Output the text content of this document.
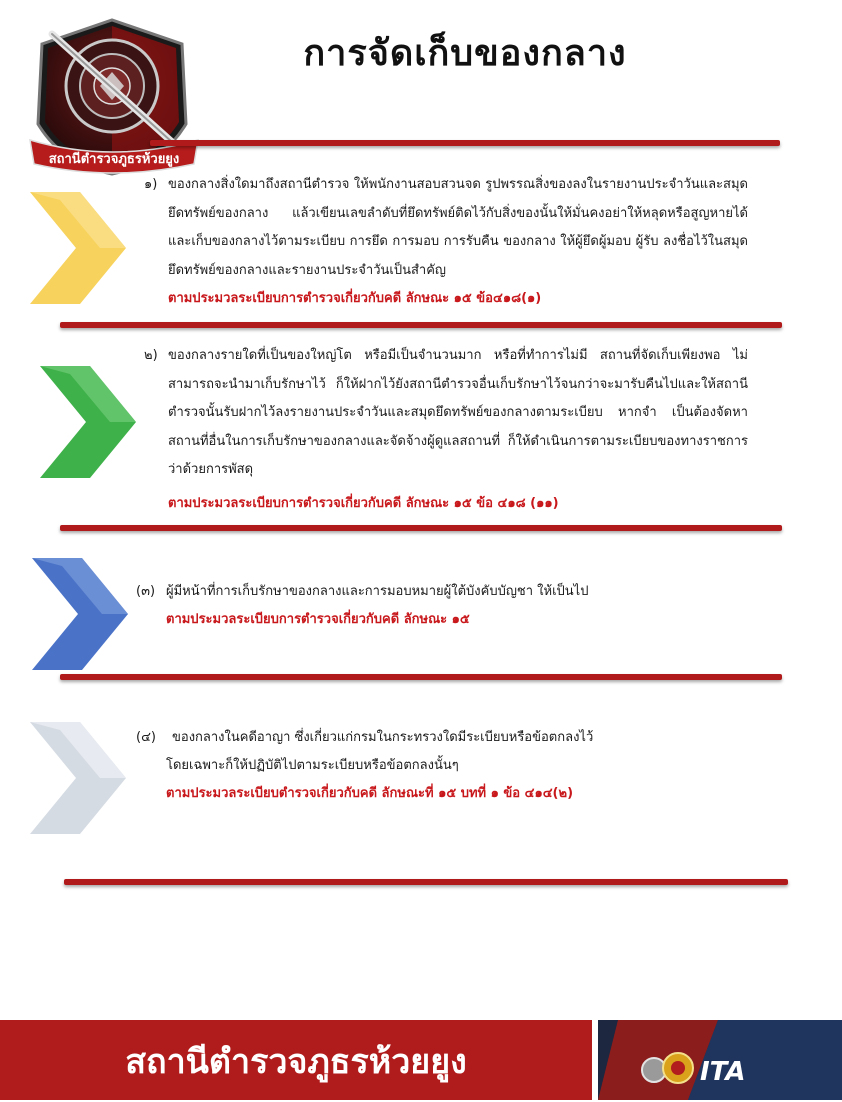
สถานีตำรวจภูธรห้วยยูง
การจัดเก็บของกลาง
๑) ของกลางสิ่งใดมาถึงสถานีตำรวจ ให้พนักงานสอบสวนจด รูปพรรณสิ่งของลงในรายงานประจำวันและสมุดยึดทรัพย์ของกลาง แล้วเขียนเลขลำดับที่ยึดทรัพย์ติดไว้กับสิ่งของนั้นให้มั่นคงอย่าให้หลุดหรือสูญหายได้และเก็บของกลางไว้ตามระเบียบ การยึด การมอบ การรับคืน ของกลาง ให้ผู้ยึดผู้มอบ ผู้รับ ลงชื่อไว้ในสมุดยึดทรัพย์ของกลางและรายงานประจำวันเป็นสำคัญ
ตามประมวลระเบียบการตำรวจเกี่ยวกับคดี ลักษณะ ๑๕ ข้อ๔๑๘(๑)
๒) ของกลางรายใดที่เป็นของใหญ่โต หรือมีเป็นจำนวนมาก หรือที่ทำการไม่มี สถานที่จัดเก็บเพียงพอ ไม่สามารถจะนำมาเก็บรักษาไว้ ก็ให้ฝากไว้ยังสถานีตำรวจอื่นเก็บรักษาไว้จนกว่าจะมารับคืนไปและให้สถานีตำรวจนั้นรับฝากไว้ลงรายงานประจำวันและสมุดยึดทรัพย์ของกลางตามระเบียบ หากจำ เป็นต้องจัดหาสถานที่อื่นในการเก็บรักษาของกลางและจัดจ้างผู้ดูแลสถานที่ ก็ให้ดำเนินการตามระเบียบของทางราชการว่าด้วยการพัสดุ
ตามประมวลระเบียบการตำรวจเกี่ยวกับคดี ลักษณะ ๑๕ ข้อ ๔๑๘ (๑๑)
(๓) ผู้มีหน้าที่การเก็บรักษาของกลางและการมอบหมายผู้ใต้บังคับบัญชา ให้เป็นไป
ตามประมวลระเบียบการตำรวจเกี่ยวกับคดี ลักษณะ ๑๕
(๔) ของกลางในคดีอาญา ซึ่งเกี่ยวแก่กรมในกระทรวงใดมีระเบียบหรือข้อตกลงไว้
โดยเฉพาะก็ให้ปฏิบัติไปตามระเบียบหรือข้อตกลงนั้นๆ
ตามประมวลระเบียบตำรวจเกี่ยวกับคดี ลักษณะที่ ๑๕ บทที่ ๑ ข้อ ๔๑๔(๒)
สถานีตำรวจภูธรห้วยยูง	ITA
